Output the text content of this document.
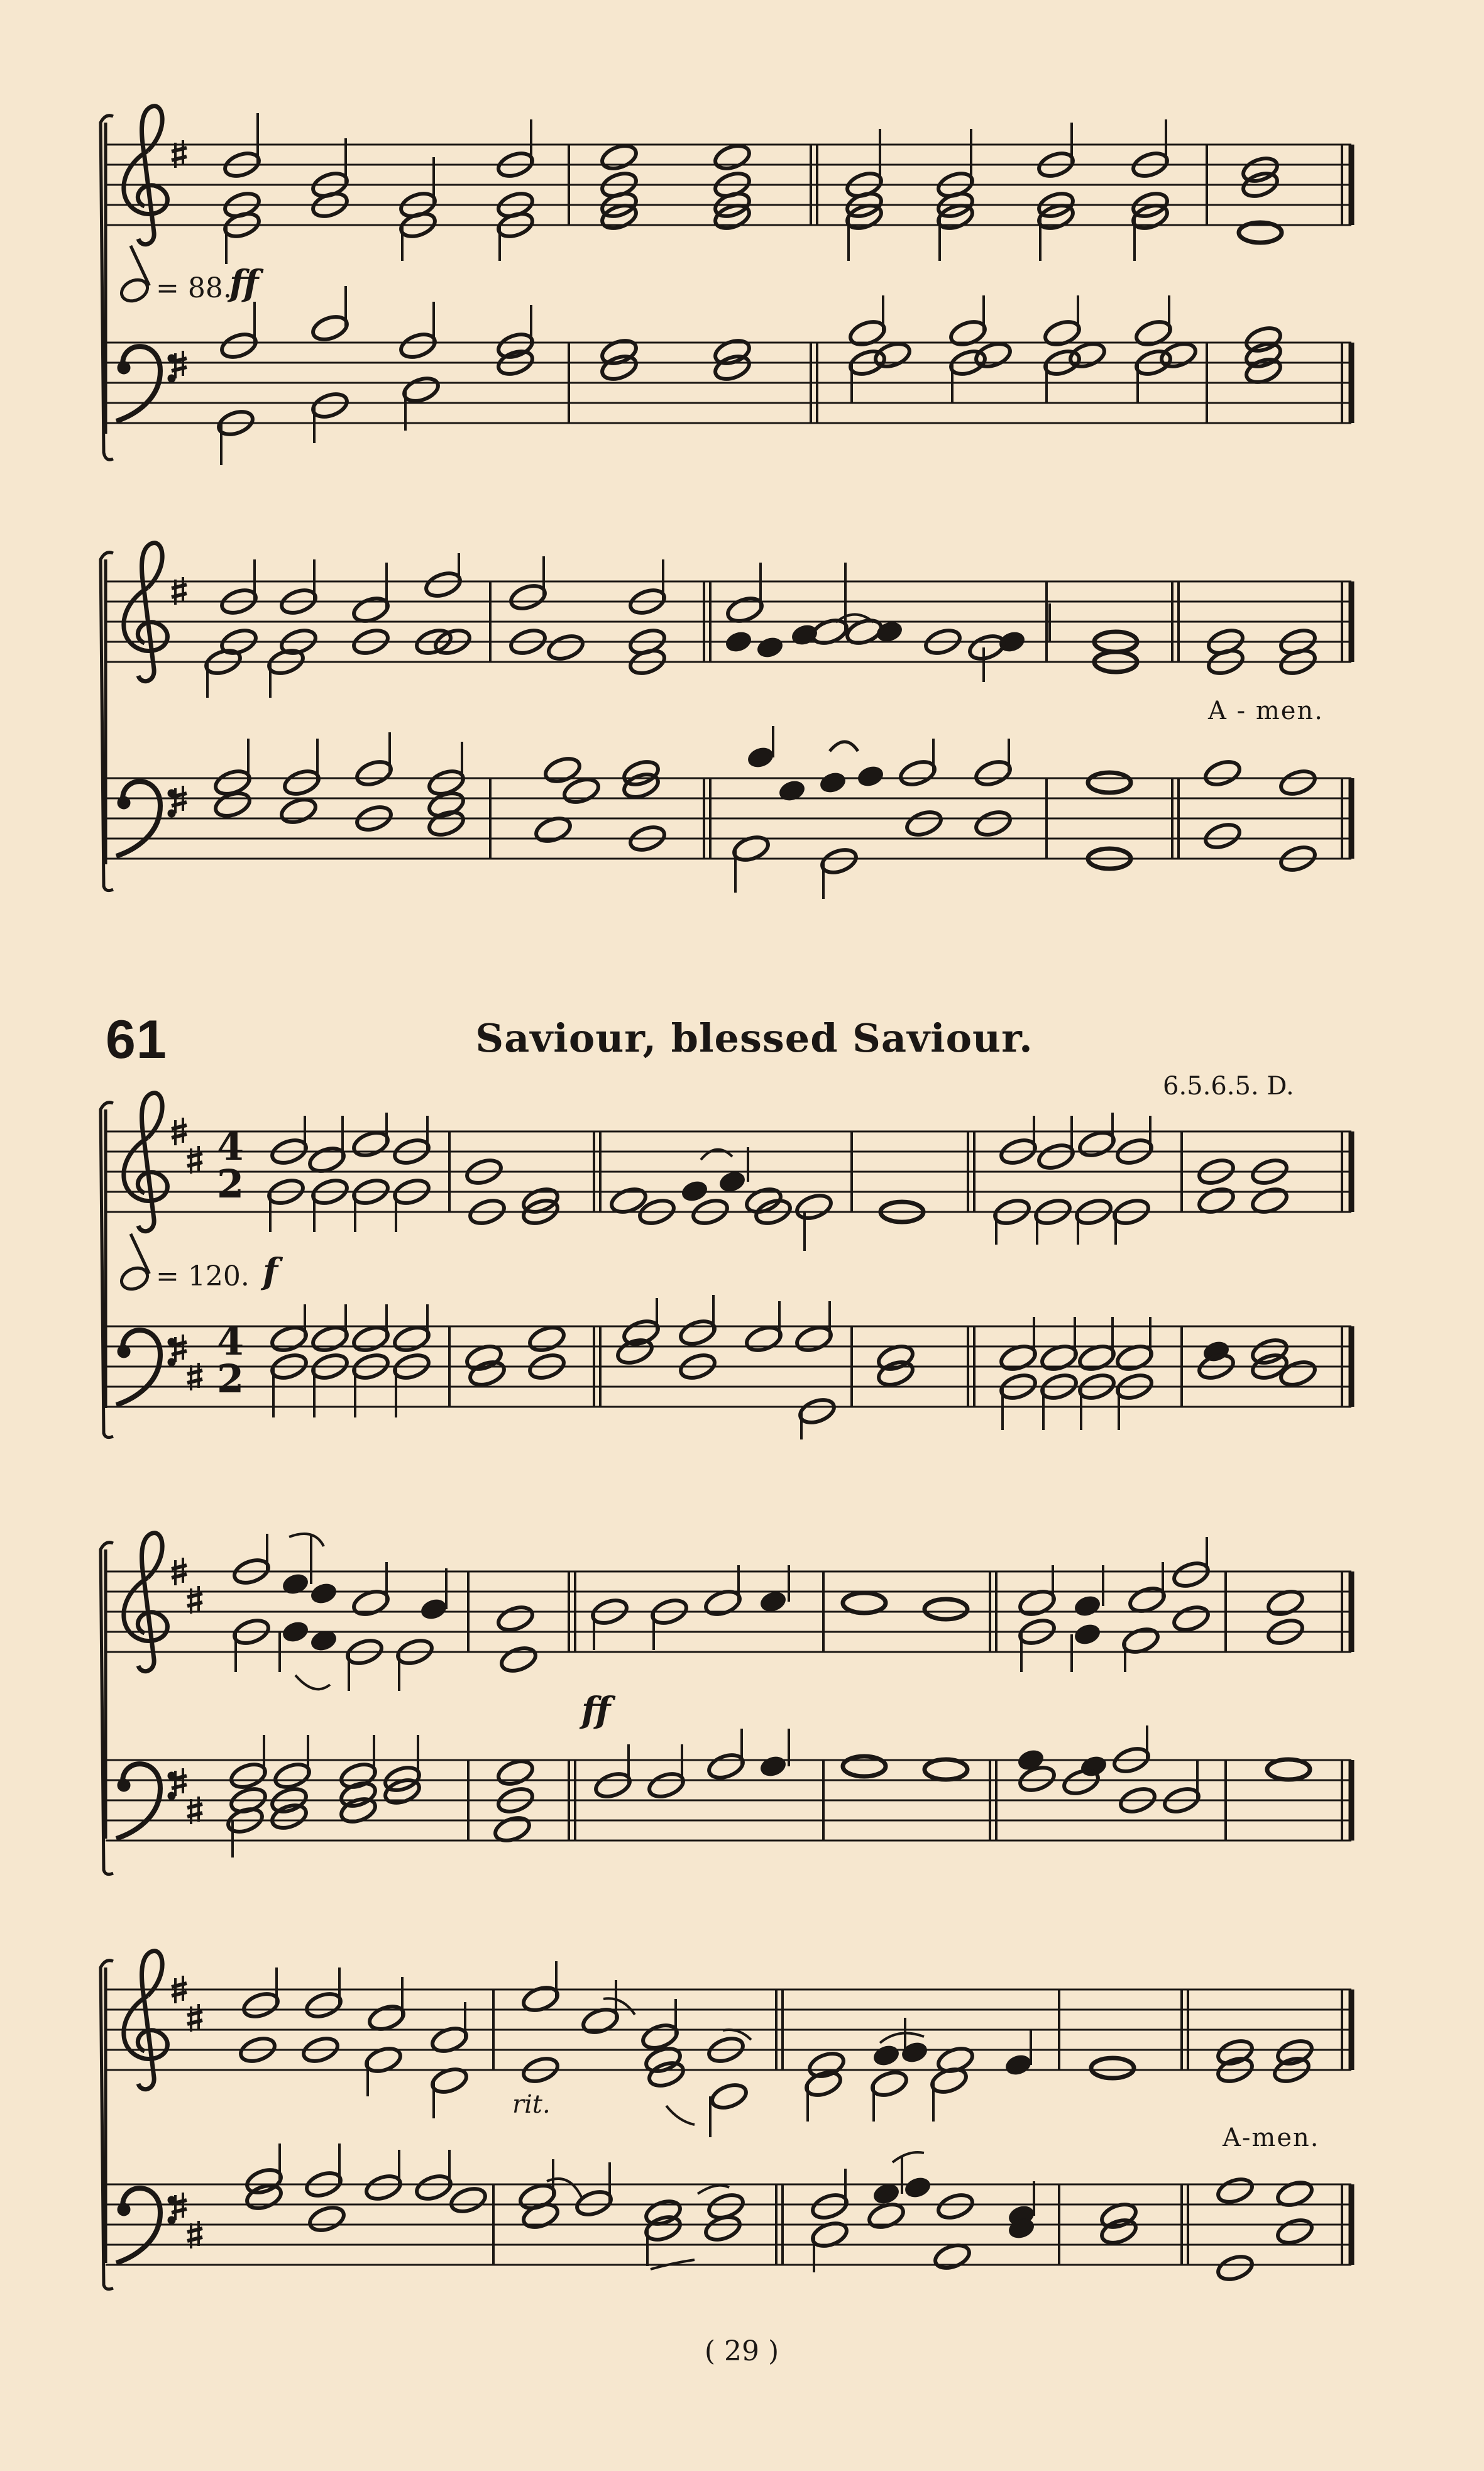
4
2
4
2
= 88.
ff
A - men.
61	Saviour, blessed Saviour.
6.5.6.5. D.
= 120. f
ff
rit.
A-men.
( 29 )
